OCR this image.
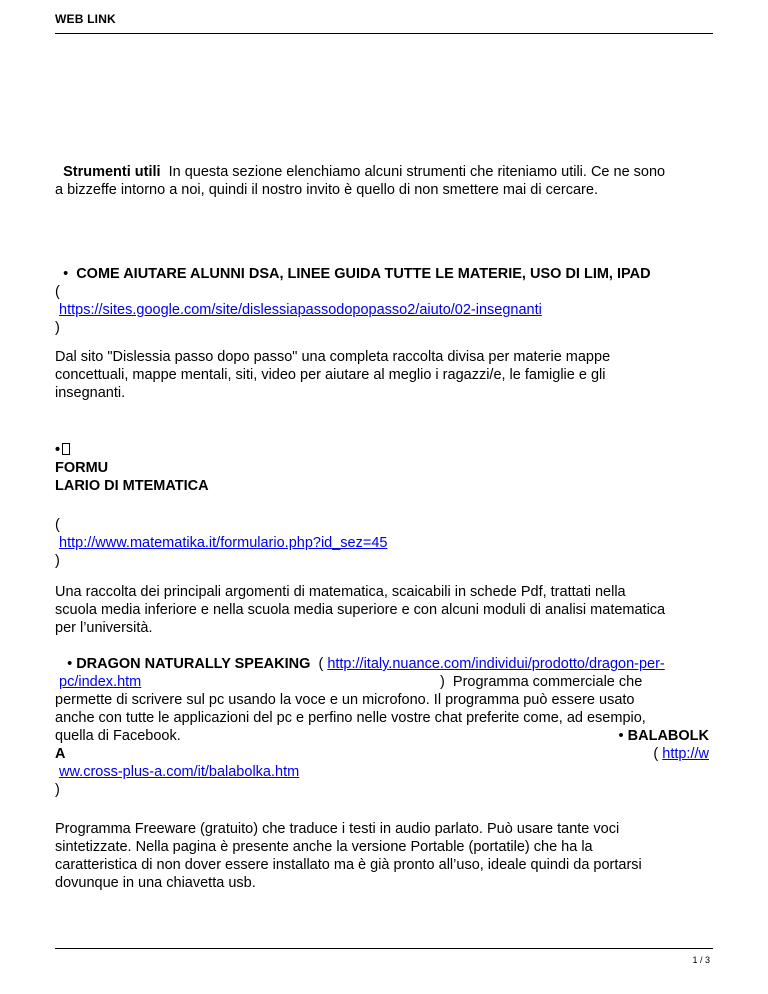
WEB LINK
Strumenti utili In questa sezione elenchiamo alcuni strumenti che riteniamo utili. Ce ne sono
a bizzeffe intorno a noi, quindi il nostro invito è quello di non smettere mai di cercare.
• COME AIUTARE ALUNNI DSA, LINEE GUIDA TUTTE LE MATERIE, USO DI LIM, IPAD
(
https://sites.google.com/site/dislessiapassodopopasso2/aiuto/02-insegnanti
)
Dal sito "Dislessia passo dopo passo" una completa raccolta divisa per materie mappe
concettuali, mappe mentali, siti, video per aiutare al meglio i ragazzi/e, le famiglie e gli
insegnanti.
•
FORMU
LARIO DI MTEMATICA
(
http://www.matematika.it/formulario.php?id_sez=45
)
Una raccolta dei principali argomenti di matematica, scaicabili in schede Pdf, trattati nella
scuola media inferiore e nella scuola media superiore e con alcuni moduli di analisi matematica
per l’università.
• DRAGON NATURALLY SPEAKING ( http://italy.nuance.com/individui/prodotto/dragon-per-
pc/index.htm	) Programma commerciale che
permette di scrivere sul pc usando la voce e un microfono. Il programma può essere usato
anche con tutte le applicazioni del pc e perfino nelle vostre chat preferite come, ad esempio,
quella di Facebook.	• BALABOLK
A	( http://w
ww.cross-plus-a.com/it/balabolka.htm
)
Programma Freeware (gratuito) che traduce i testi in audio parlato. Può usare tante voci
sintetizzate. Nella pagina è presente anche la versione Portable (portatile) che ha la
caratteristica di non dover essere installato ma è già pronto all’uso, ideale quindi da portarsi
dovunque in una chiavetta usb.
1 / 3
